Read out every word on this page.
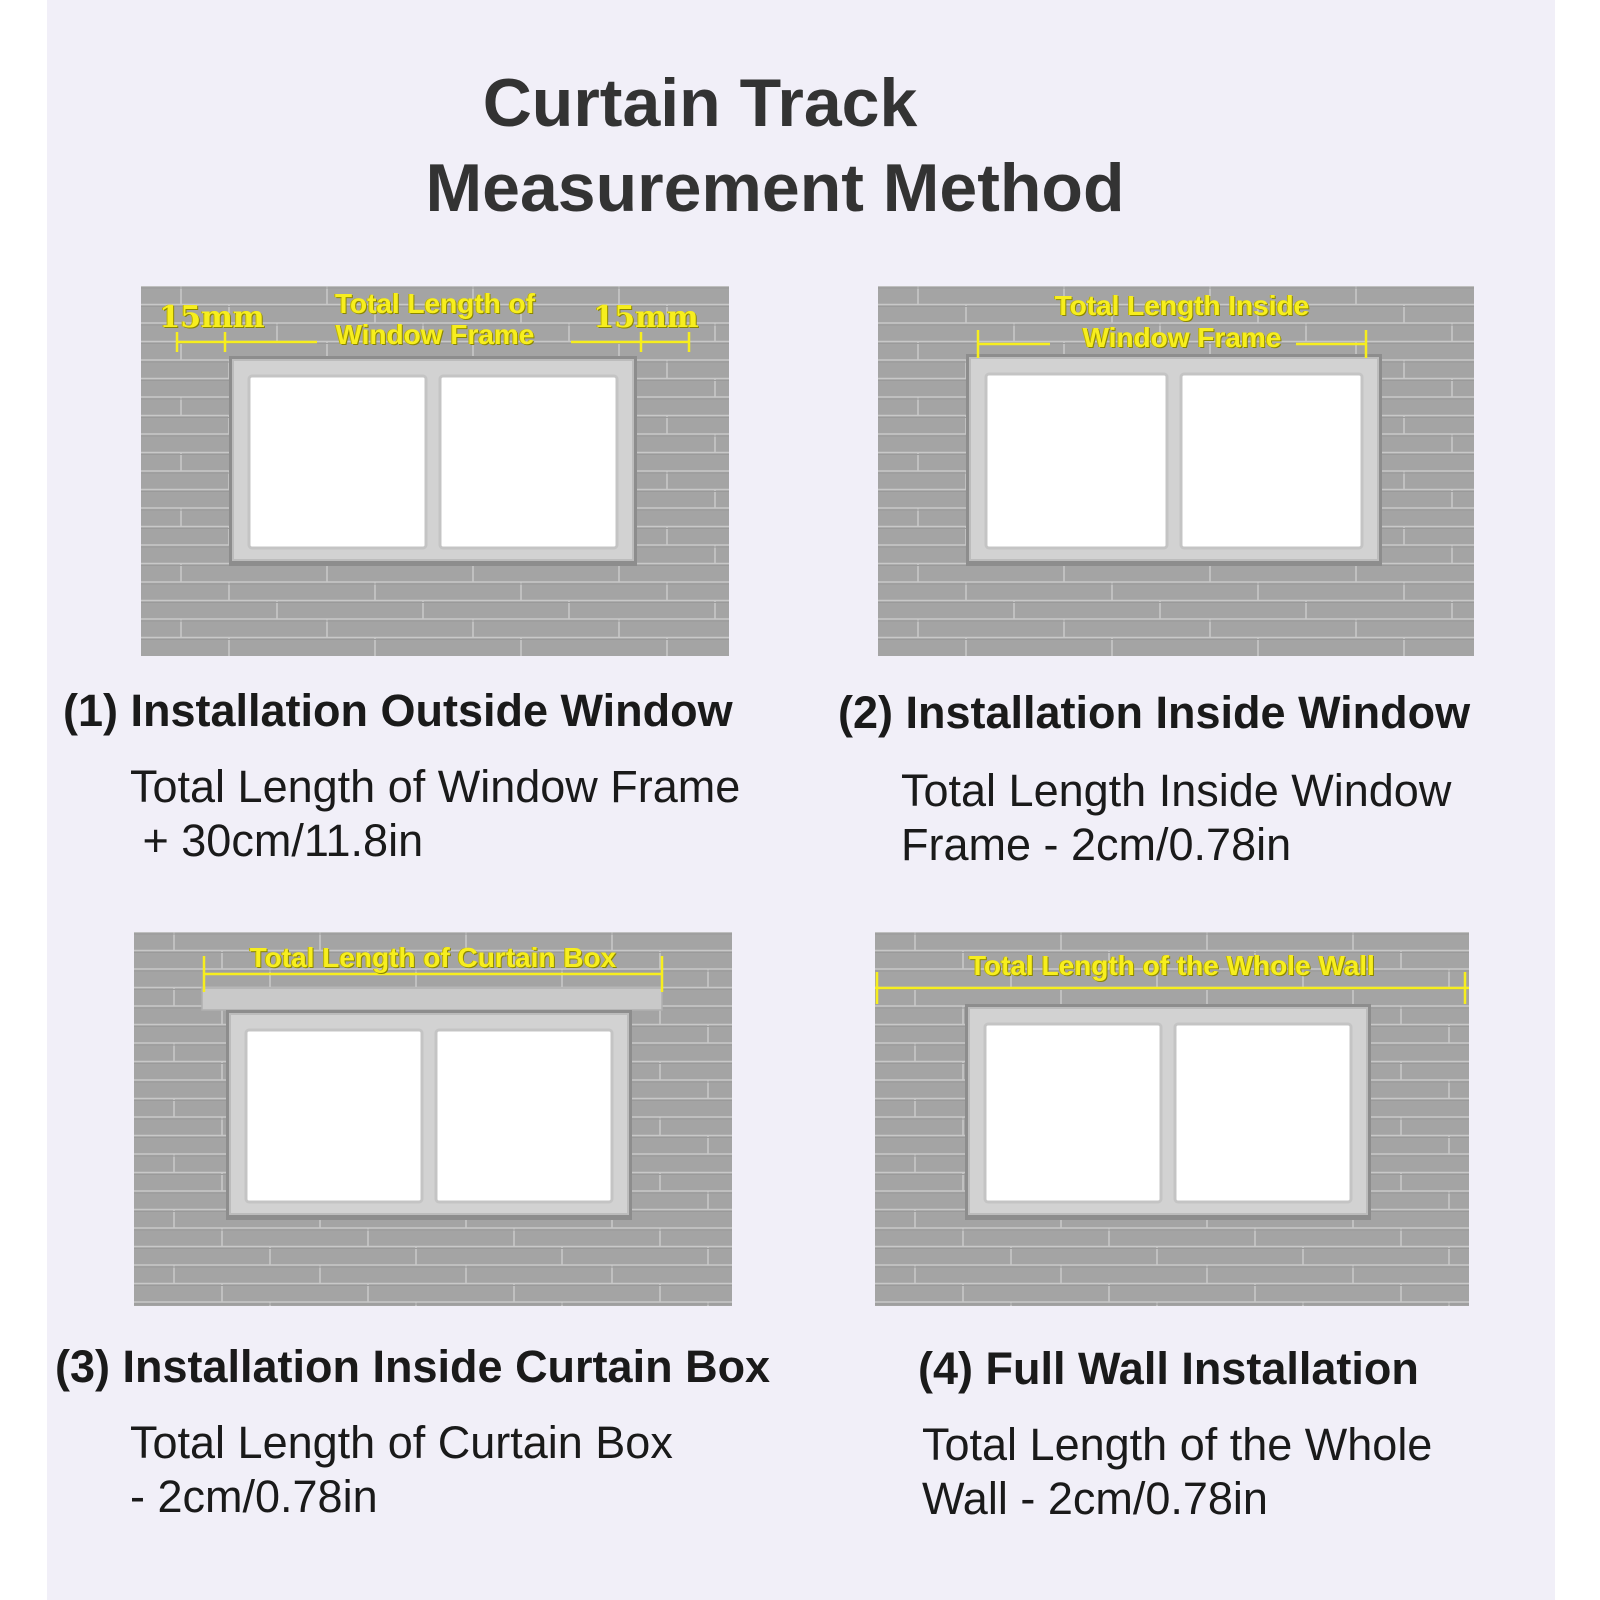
Curtain Track
Measurement Method
15mm	15mm
Total Length of
Window Frame
Total Length Inside
Window Frame
Total Length of Curtain Box	Total Length of the Whole Wall
(1) Installation Outside Window

Total Length of Window Frame

+ 30cm/11.8in

(2) Installation Inside Window

Total Length Inside Window

Frame - 2cm/0.78in

(3) Installation Inside Curtain Box

Total Length of Curtain Box

- 2cm/0.78in

(4) Full Wall Installation

Total Length of the Whole

Wall - 2cm/0.78in
